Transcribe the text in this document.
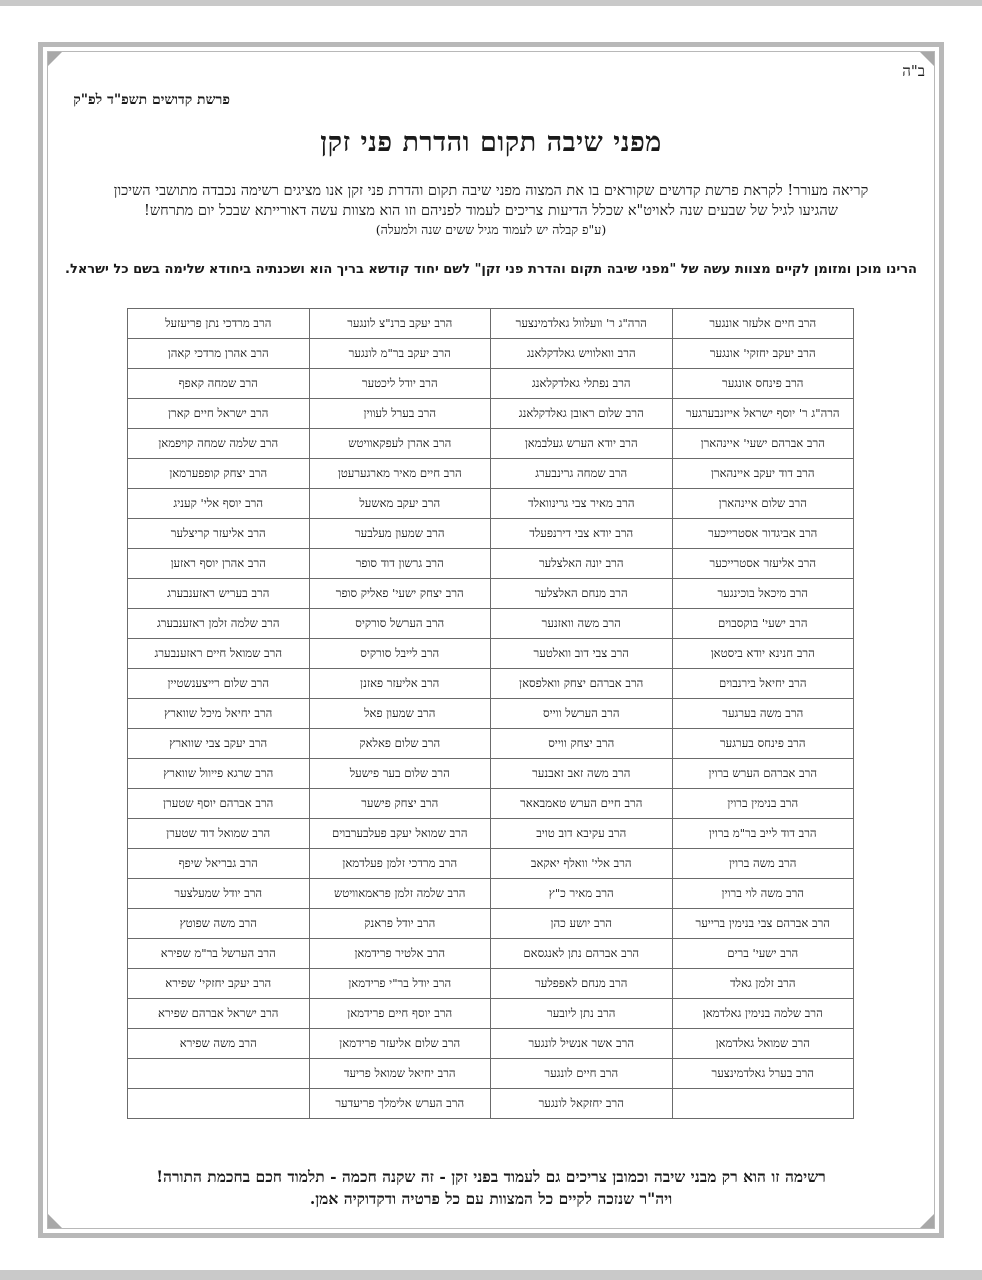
ב"ה
פרשת קדושים תשפ"ד לפ"ק
מפני שיבה תקום והדרת פני זקן
קריאה מעורר! לקראת פרשת קדושים שקוראים בו את המצוה מפני שיבה תקום והדרת פני זקן אנו מציגים רשימה נכבדה מתושבי השיכון
שהגיעו לגיל של שבעים שנה לאויט"א שכלל הדיעות צריכים לעמוד לפניהם וזו הוא מצוות עשה דאורייתא שבכל יום מתרחש!
(ע"פ קבלה יש לעמוד מגיל ששים שנה ולמעלה)
הרינו מוכן ומזומן לקיים מצוות עשה של "מפני שיבה תקום והדרת פני זקן" לשם יחוד קודשא בריך הוא ושכנתיה ביחודא שלימה בשם כל ישראל.
הרב חיים אלעזר אונגער	הרה"ג ר' וועלוול גאלדמינצער	הרב יעקב ברנ"צ לונגער	הרב מרדכי נתן פריעזעל
הרב יעקב יחזקי' אונגער	הרב וואלוויש גאלדקלאנג	הרב יעקב בר"מ לונגער	הרב אהרן מרדכי קאהן
הרב פינחס אונגער	הרב נפתלי גאלדקלאנג	הרב יודל ליכטער	הרב שמחה קאפף
הרה"ג ר' יוסף ישראל אייזנבערגער	הרב שלום ראובן גאלדקלאנג	הרב בערל לעווין	הרב ישראל חיים קארן
הרב אברהם ישעי' איינהארן	הרב יודא הערש געלבמאן	הרב אהרן לעפקאוויטש	הרב שלמה שמחה קויפמאן
הרב דוד יעקב איינהארן	הרב שמחה גרינבערג	הרב חיים מאיר מארגערעטן	הרב יצחק קופפערמאן
הרב שלום איינהארן	הרב מאיר צבי גרינוואלד	הרב יעקב מאשעל	הרב יוסף אלי' קעניג
הרב אביגדור אסטרייכער	הרב יודא צבי דירנפעלד	הרב שמעון מעלבער	הרב אליעזר קריצלער
הרב אליעזר אסטרייכער	הרב יונה האלצלער	הרב גרשון דוד סופר	הרב אהרן יוסף ראזען
הרב מיכאל בוכינגער	הרב מנחם האלצלער	הרב יצחק ישעי' פאליק סופר	הרב בעריש ראזענבערג
הרב ישעי' בוקסבוים	הרב משה וואזנער	הרב הערשל סורקיס	הרב שלמה זלמן ראזענבערג
הרב חנינא יודא ביסטאן	הרב צבי דוב וואלטער	הרב לייבל סורקיס	הרב שמואל חיים ראזענבערג
הרב יחיאל בירנבוים	הרב אברהם יצחק וואלפסאן	הרב אליעזר פאזנן	הרב שלום רייצענשטיין
הרב משה בערגער	הרב הערשל ווייס	הרב שמעון פאל	הרב יחיאל מיכל שווארץ
הרב פינחס בערגער	הרב יצחק ווייס	הרב שלום פאלאק	הרב יעקב צבי שווארץ
הרב אברהם הערש ברוין	הרב משה זאב זאבנער	הרב שלום בער פישעל	הרב שרגא פייוול שווארץ
הרב בנימין ברוין	הרב חיים הערש טאמבאאר	הרב יצחק פישער	הרב אברהם יוסף שטערן
הרב דוד לייב בר"מ ברוין	הרב עקיבא דוב טויב	הרב שמואל יעקב פעלבערבוים	הרב שמואל דוד שטערן
הרב משה ברוין	הרב אלי' וואלף יאקאב	הרב מרדכי זלמן פעלדמאן	הרב גבריאל שיפף
הרב משה לוי ברוין	הרב מאיר כ"ץ	הרב שלמה זלמן פראמאוויטש	הרב יודל שמעלצער
הרב אברהם צבי בנימין ברייער	הרב יושע כהן	הרב יודל פראנק	הרב משה שפוטץ
הרב ישעי' ברים	הרב אברהם נתן לאנגסאם	הרב אלטיר פרידמאן	הרב הערשל בר"מ שפירא
הרב זלמן גאלד	הרב מנחם לאפפלער	הרב יודל בר"י פרידמאן	הרב יעקב יחזקי' שפירא
הרב שלמה בנימין גאלדמאן	הרב נתן ליובער	הרב יוסף חיים פרידמאן	הרב ישראל אברהם שפירא
הרב שמואל גאלדמאן	הרב אשר אנשיל לונגער	הרב שלום אליעזר פרידמאן	הרב משה שפירא
הרב בערל גאלדמינצער	הרב חיים לונגער	הרב יחיאל שמואל פריעד	
	הרב יחזקאל לונגער	הרב הערש אלימלך פריעדער	
רשימה זו הוא רק מבני שיבה וכמובן צריכים גם לעמוד בפני זקן - זה שקנה חכמה - תלמוד חכם בחכמת התורה!
ויה"ר שנזכה לקיים כל המצוות עם כל פרטיה ודקדוקיה אמן.
